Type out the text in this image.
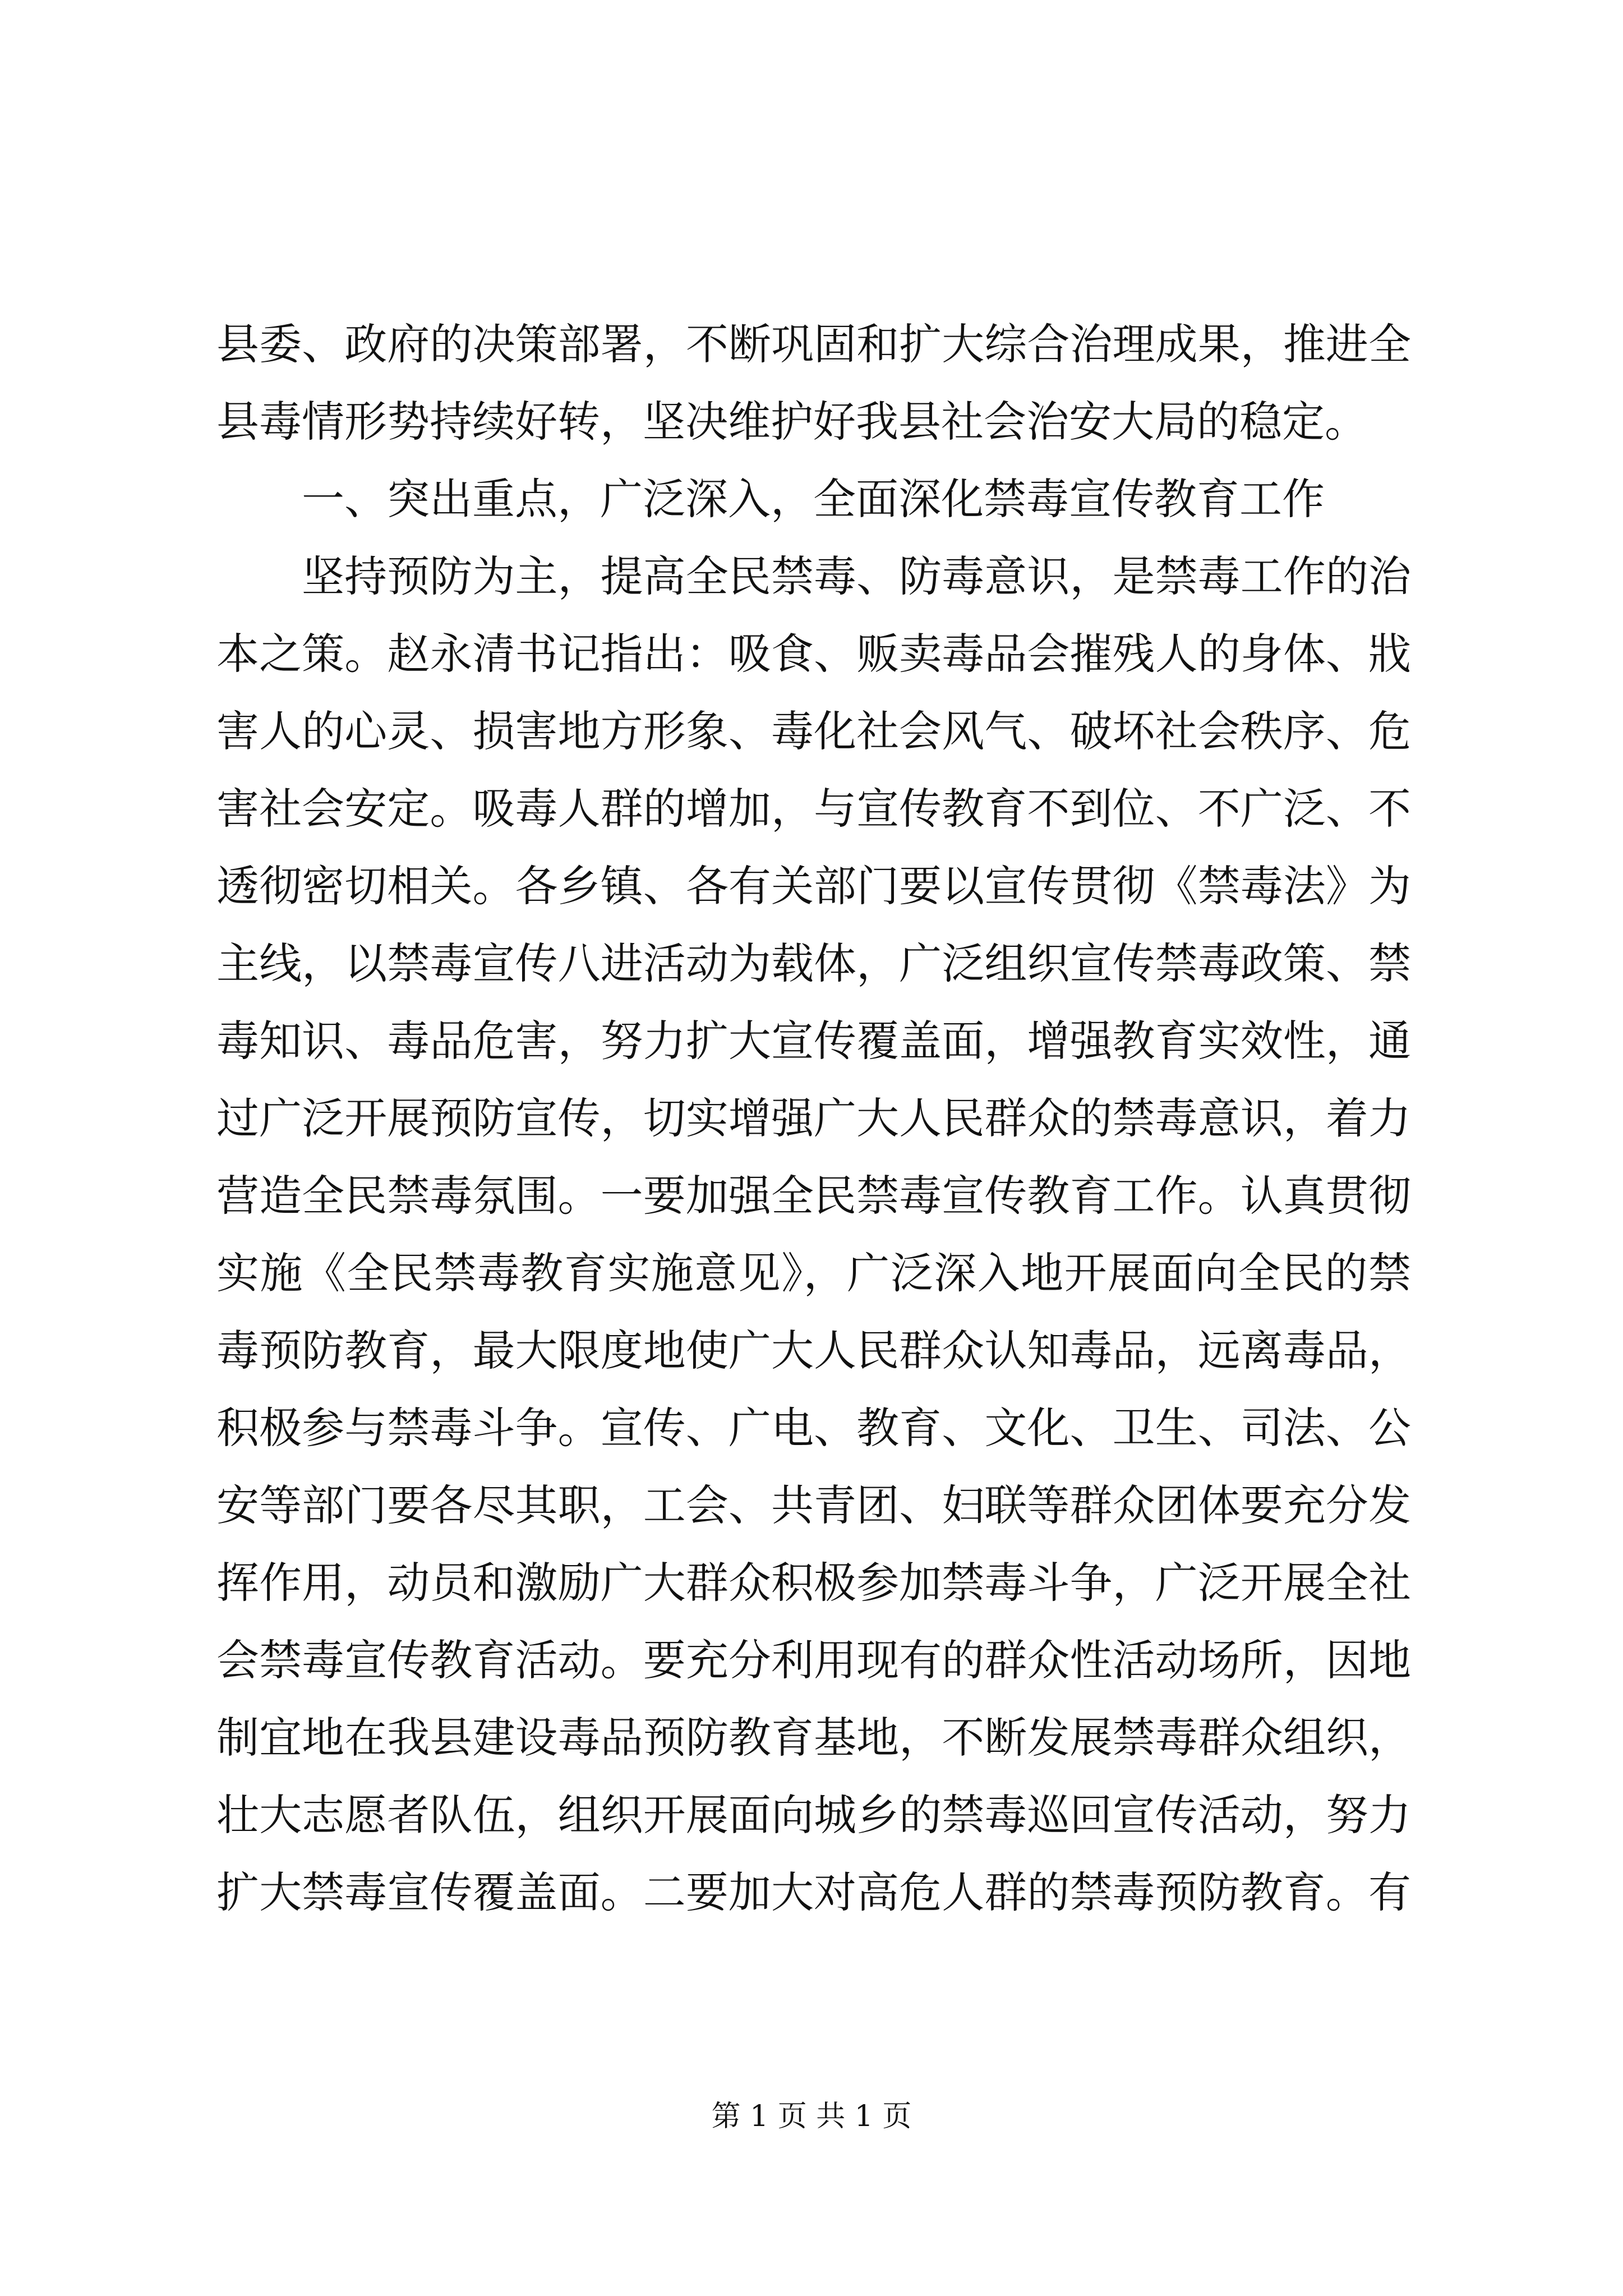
县委、政府的决策部署，不断巩固和扩大综合治理成果，推进全
县毒情形势持续好转，坚决维护好我县社会治安大局的稳定。
一、突出重点，广泛深入，全面深化禁毒宣传教育工作
坚持预防为主，提高全民禁毒、防毒意识，是禁毒工作的治
本之策。赵永清书记指出：吸食、贩卖毒品会摧残人的身体、戕
害人的心灵、损害地方形象、毒化社会风气、破坏社会秩序、危
害社会安定。吸毒人群的增加，与宣传教育不到位、不广泛、不
透彻密切相关。各乡镇、各有关部门要以宣传贯彻《禁毒法》为
主线，以禁毒宣传八进活动为载体，广泛组织宣传禁毒政策、禁
毒知识、毒品危害，努力扩大宣传覆盖面，增强教育实效性，通
过广泛开展预防宣传，切实增强广大人民群众的禁毒意识，着力
营造全民禁毒氛围。一要加强全民禁毒宣传教育工作。认真贯彻
实施《全民禁毒教育实施意见》，广泛深入地开展面向全民的禁
毒预防教育，最大限度地使广大人民群众认知毒品，远离毒品，
积极参与禁毒斗争。宣传、广电、教育、文化、卫生、司法、公
安等部门要各尽其职，工会、共青团、妇联等群众团体要充分发
挥作用，动员和激励广大群众积极参加禁毒斗争，广泛开展全社
会禁毒宣传教育活动。要充分利用现有的群众性活动场所，因地
制宜地在我县建设毒品预防教育基地，不断发展禁毒群众组织，
壮大志愿者队伍，组织开展面向城乡的禁毒巡回宣传活动，努力
扩大禁毒宣传覆盖面。二要加大对高危人群的禁毒预防教育。有
第 1 页 共 1 页
